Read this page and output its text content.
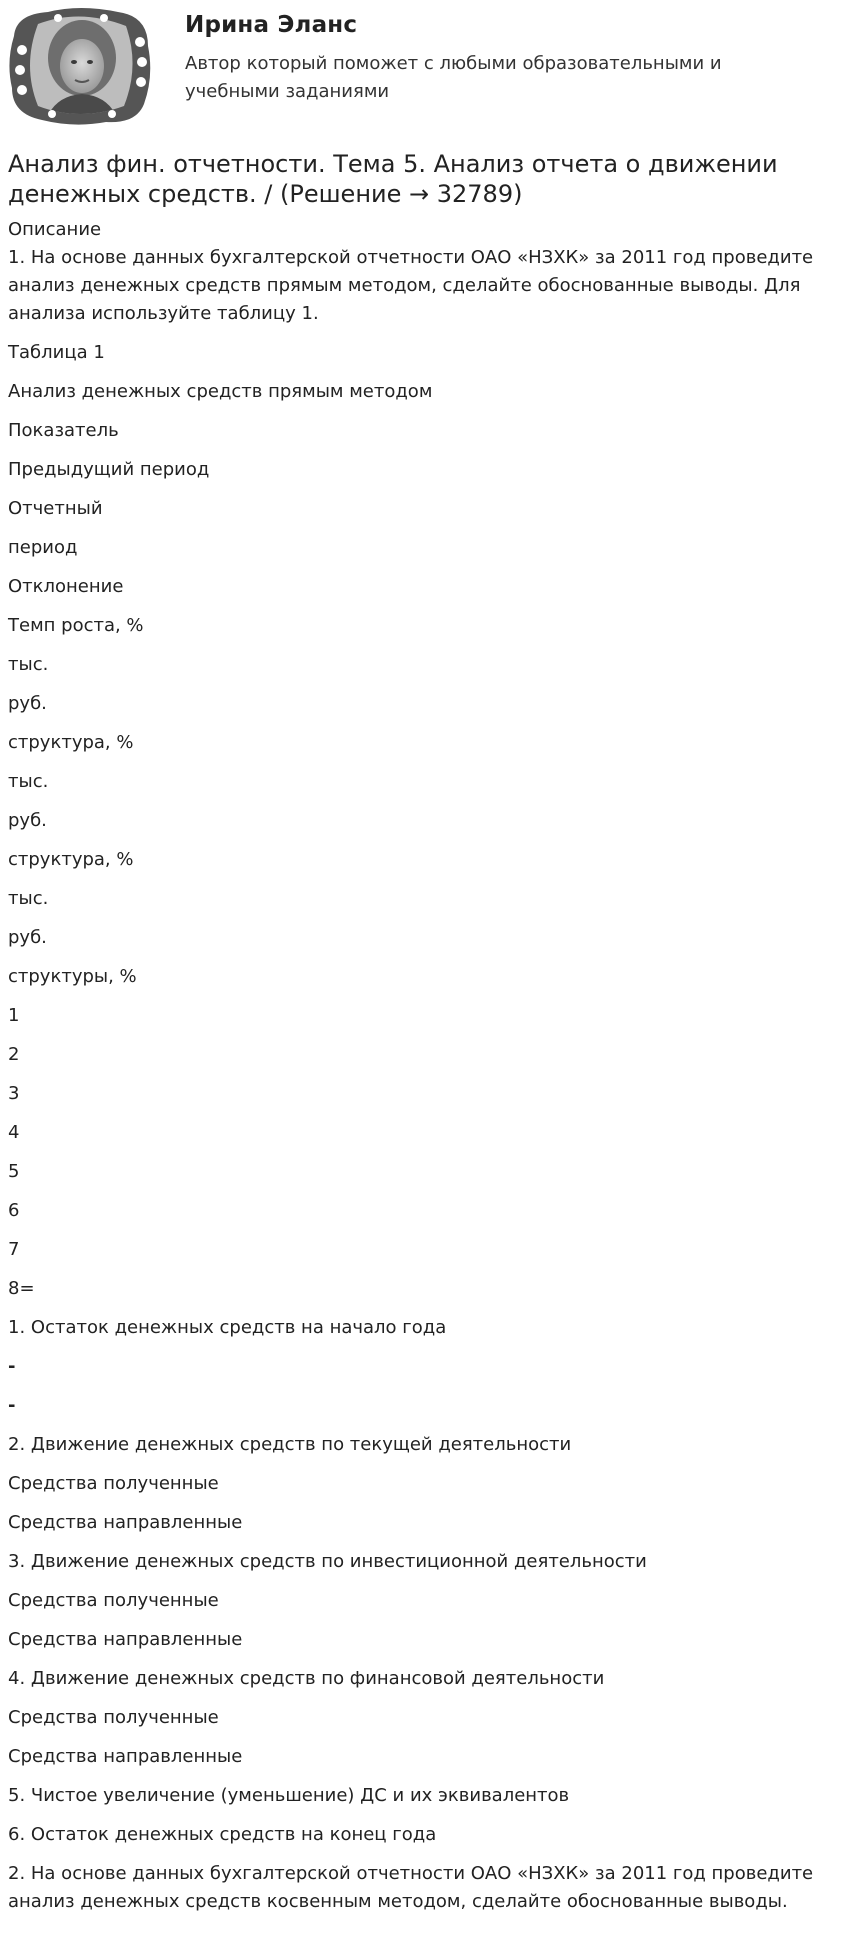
Ирина Эланс
Автор который поможет с любыми образовательными и учебными заданиями
Анализ фин. отчетности. Тема 5. Анализ отчета о движении денежных средств. / (Решение → 32789)
Описание
1. На основе данных бухгалтерской отчетности ОАО «НЗХК» за 2011 год проведите анализ денежных средств прямым методом, сделайте обоснованные выводы. Для анализа используйте таблицу 1.
Таблица 1
Анализ денежных средств прямым методом
Показатель
Предыдущий период
Отчетный
период
Отклонение
Темп роста, %
тыс.
руб.
структура, %
тыс.
руб.
структура, %
тыс.
руб.
структуры, %
1
2
3
4
5
6
7
8=
1. Остаток денежных средств на начало года
-
-
2. Движение денежных средств по текущей деятельности
Средства полученные
Средства направленные
3. Движение денежных средств по инвестиционной деятельности
Средства полученные
Средства направленные
4. Движение денежных средств по финансовой деятельности
Средства полученные
Средства направленные
5. Чистое увеличение (уменьшение) ДС и их эквивалентов
6. Остаток денежных средств на конец года
2. На основе данных бухгалтерской отчетности ОАО «НЗХК» за 2011 год проведите анализ денежных средств косвенным методом, сделайте обоснованные выводы.
